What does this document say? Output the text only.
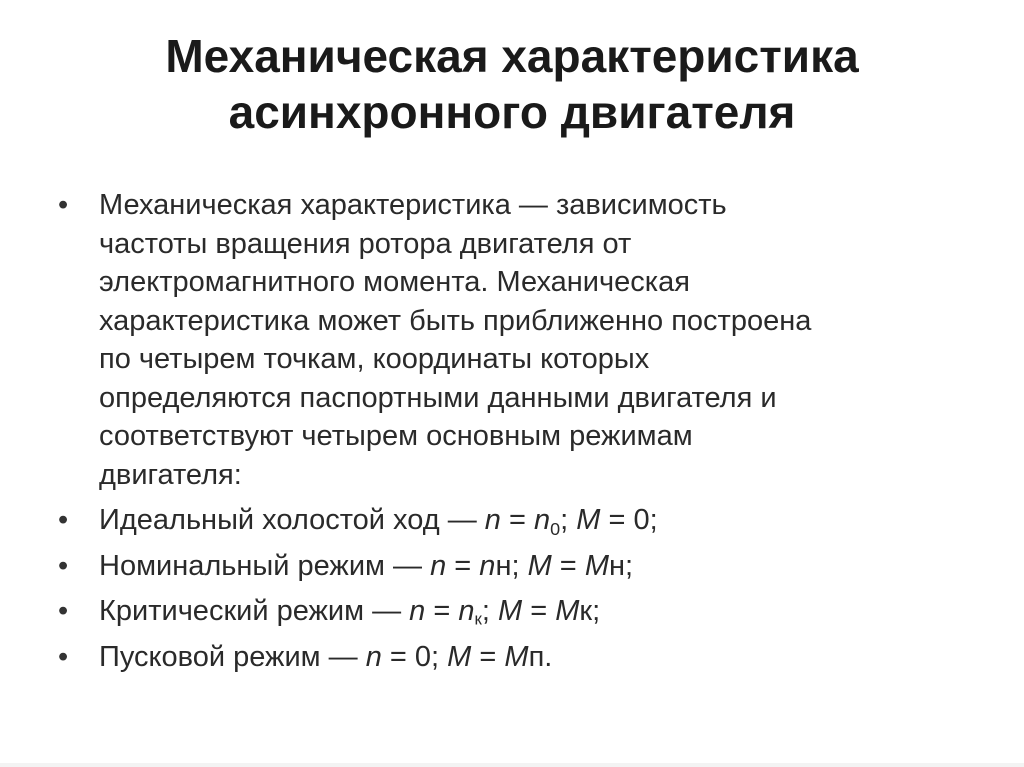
Механическая характеристика
асинхронного двигателя
• Механическая характеристика — зависимость
частоты вращения ротора двигателя от
электромагнитного момента. Механическая
характеристика может быть приближенно построена
по четырем точкам, координаты которых
определяются паспортными данными двигателя и
соответствуют четырем основным режимам
двигателя:
• Идеальный холостой ход — $n = n_0$; M = 0;
• Номинальный режим — n = nн; M = Mн;
• Критический режим — $n = n_к$; M = Mк;
• Пусковой режим — n = 0; M = Mп.
